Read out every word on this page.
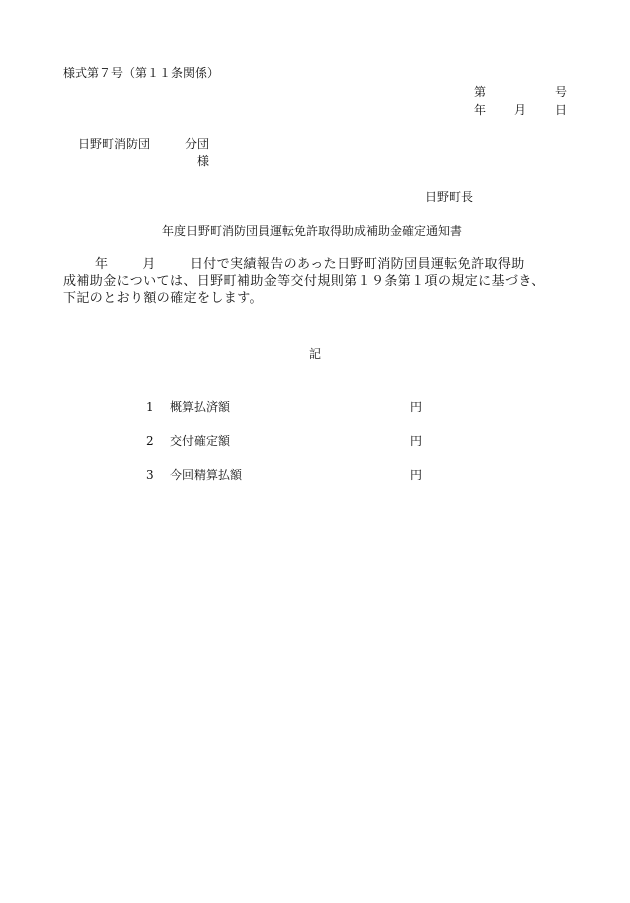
様式第７号（第１１条関係）
第	号
年 月 日
日野町消防団	分団
様
日野町長
年度日野町消防団員運転免許取得助成補助金確定通知書
年	月	日付で実績報告のあった日野町消防団員運転免許取得助
成補助金については、日野町補助金等交付規則第１９条第１項の規定に基づき、
下記のとおり額の確定をします。
記
1 概算払済額	円
2 交付確定額	円
3 今回精算払額	円
